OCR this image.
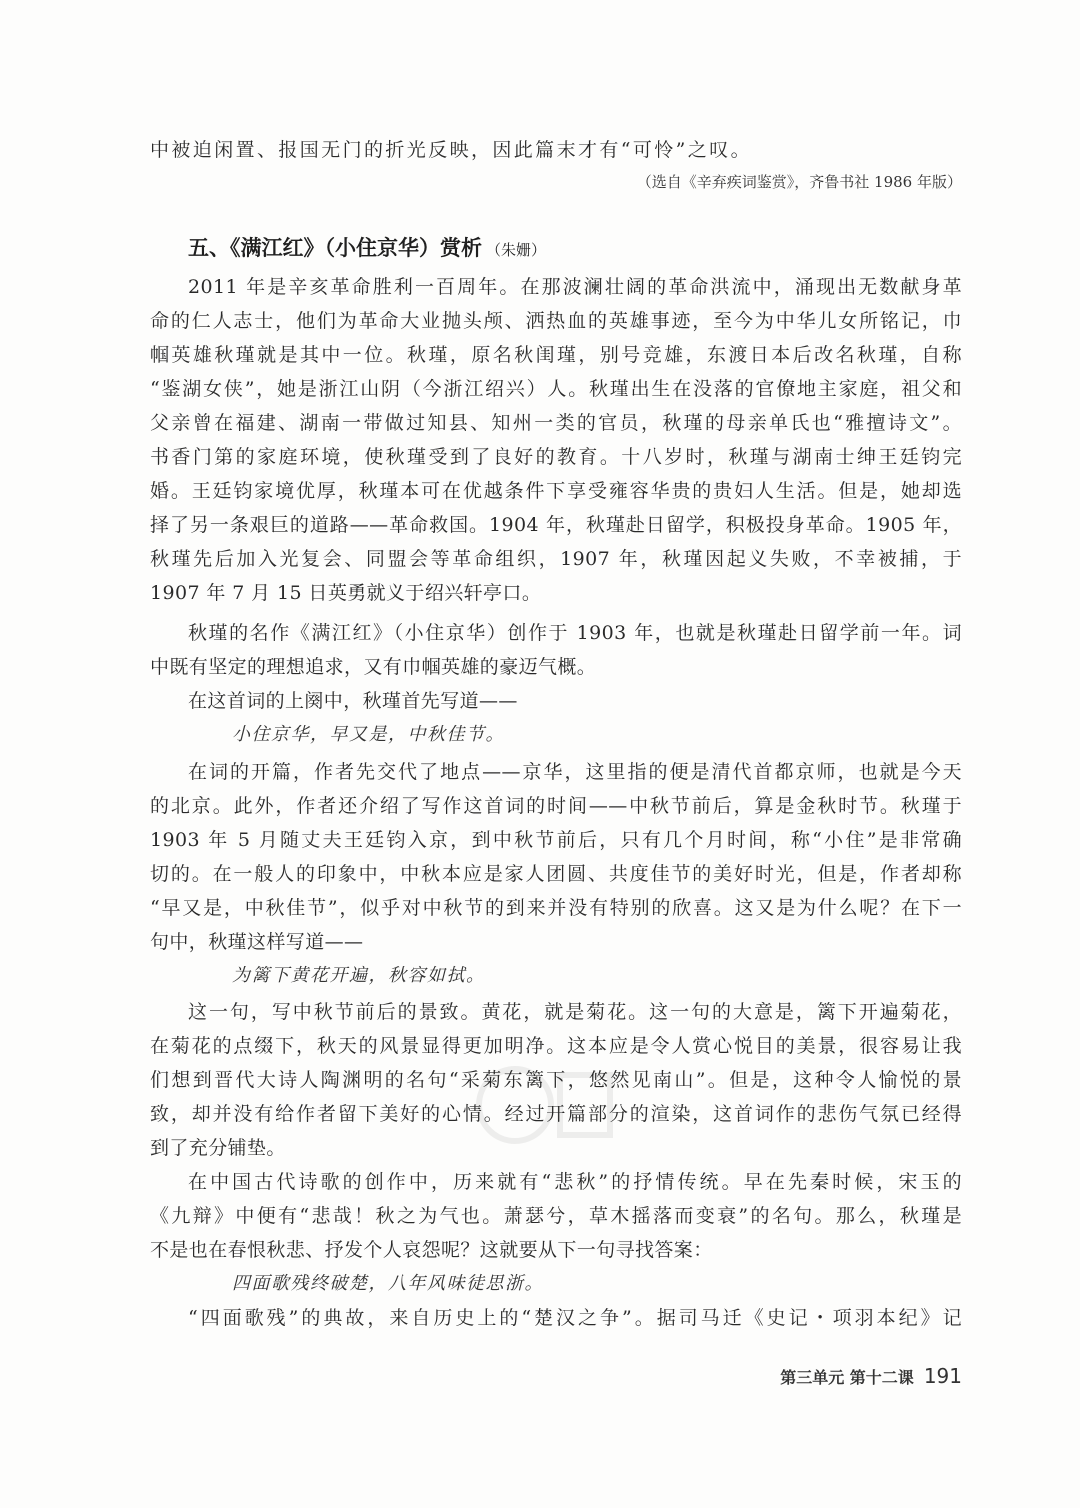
中被迫闲置、报国无门的折光反映，因此篇末才有“可怜”之叹。
（选自《辛弃疾词鉴赏》，齐鲁书社 1986 年版）
五、《满江红》（小住京华）赏析 （朱姗）
2011 年是辛亥革命胜利一百周年。在那波澜壮阔的革命洪流中，涌现出无数献身革
命的仁人志士，他们为革命大业抛头颅、洒热血的英雄事迹，至今为中华儿女所铭记，巾
帼英雄秋瑾就是其中一位。秋瑾，原名秋闺瑾，别号竞雄，东渡日本后改名秋瑾，自称
“鉴湖女侠”，她是浙江山阴（今浙江绍兴）人。秋瑾出生在没落的官僚地主家庭，祖父和
父亲曾在福建、湖南一带做过知县、知州一类的官员，秋瑾的母亲单氏也“雅擅诗文”。
书香门第的家庭环境，使秋瑾受到了良好的教育。十八岁时，秋瑾与湖南士绅王廷钧完
婚。王廷钧家境优厚，秋瑾本可在优越条件下享受雍容华贵的贵妇人生活。但是，她却选
择了另一条艰巨的道路——革命救国。1904 年，秋瑾赴日留学，积极投身革命。1905 年，
秋瑾先后加入光复会、同盟会等革命组织，1907 年，秋瑾因起义失败，不幸被捕，于
1907 年 7 月 15 日英勇就义于绍兴轩亭口。
秋瑾的名作《满江红》（小住京华）创作于 1903 年，也就是秋瑾赴日留学前一年。词
中既有坚定的理想追求，又有巾帼英雄的豪迈气概。
在这首词的上阕中，秋瑾首先写道——
小住京华，早又是，中秋佳节。
在词的开篇，作者先交代了地点——京华，这里指的便是清代首都京师，也就是今天
的北京。此外，作者还介绍了写作这首词的时间——中秋节前后，算是金秋时节。秋瑾于
1903 年 5 月随丈夫王廷钧入京，到中秋节前后，只有几个月时间，称“小住”是非常确
切的。在一般人的印象中，中秋本应是家人团圆、共度佳节的美好时光，但是，作者却称
“早又是，中秋佳节”，似乎对中秋节的到来并没有特别的欣喜。这又是为什么呢？在下一
句中，秋瑾这样写道——
为篱下黄花开遍，秋容如拭。
这一句，写中秋节前后的景致。黄花，就是菊花。这一句的大意是，篱下开遍菊花，
在菊花的点缀下，秋天的风景显得更加明净。这本应是令人赏心悦目的美景，很容易让我
们想到晋代大诗人陶渊明的名句“采菊东篱下，悠然见南山”。但是，这种令人愉悦的景
致，却并没有给作者留下美好的心情。经过开篇部分的渲染，这首词作的悲伤气氛已经得
到了充分铺垫。
在中国古代诗歌的创作中，历来就有“悲秋”的抒情传统。早在先秦时候，宋玉的
《九辩》中便有“悲哉！秋之为气也。萧瑟兮，草木摇落而变衰”的名句。那么，秋瑾是
不是也在春恨秋悲、抒发个人哀怨呢？这就要从下一句寻找答案：
四面歌残终破楚，八年风味徒思浙。
“四面歌残”的典故，来自历史上的“楚汉之争”。据司马迁《史记・项羽本纪》记
第三单元 第十二课 191
